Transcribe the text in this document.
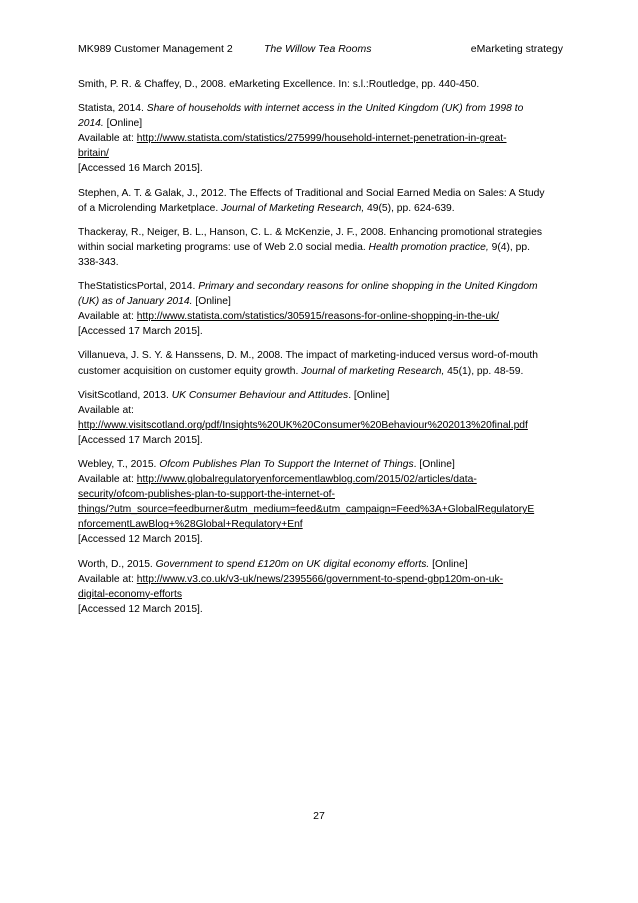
MK989 Customer Management 2	The Willow Tea Rooms	eMarketing strategy
Smith, P. R. & Chaffey, D., 2008. eMarketing Excellence. In: s.l.:Routledge, pp. 440-450.
Statista, 2014. Share of households with internet access in the United Kingdom (UK) from 1998 to
2014. [Online]
Available at: http://www.statista.com/statistics/275999/household-internet-penetration-in-great-
britain/
[Accessed 16 March 2015].
Stephen, A. T. & Galak, J., 2012. The Effects of Traditional and Social Earned Media on Sales: A Study
of a Microlending Marketplace. Journal of Marketing Research, 49(5), pp. 624-639.
Thackeray, R., Neiger, B. L., Hanson, C. L. & McKenzie, J. F., 2008. Enhancing promotional strategies
within social marketing programs: use of Web 2.0 social media. Health promotion practice, 9(4), pp.
338-343.
TheStatisticsPortal, 2014. Primary and secondary reasons for online shopping in the United Kingdom
(UK) as of January 2014. [Online]
Available at: http://www.statista.com/statistics/305915/reasons-for-online-shopping-in-the-uk/
[Accessed 17 March 2015].
Villanueva, J. S. Y. & Hanssens, D. M., 2008. The impact of marketing-induced versus word-of-mouth
customer acquisition on customer equity growth. Journal of marketing Research, 45(1), pp. 48-59.
VisitScotland, 2013. UK Consumer Behaviour and Attitudes. [Online]
Available at:
http://www.visitscotland.org/pdf/Insights%20UK%20Consumer%20Behaviour%202013%20final.pdf
[Accessed 17 March 2015].
Webley, T., 2015. Ofcom Publishes Plan To Support the Internet of Things. [Online]
Available at: http://www.globalregulatoryenforcementlawblog.com/2015/02/articles/data-
security/ofcom-publishes-plan-to-support-the-internet-of-
things/?utm_source=feedburner&utm_medium=feed&utm_campaign=Feed%3A+GlobalRegulatoryE
nforcementLawBlog+%28Global+Regulatory+Enf
[Accessed 12 March 2015].
Worth, D., 2015. Government to spend £120m on UK digital economy efforts. [Online]
Available at: http://www.v3.co.uk/v3-uk/news/2395566/government-to-spend-gbp120m-on-uk-
digital-economy-efforts
[Accessed 12 March 2015].
27
